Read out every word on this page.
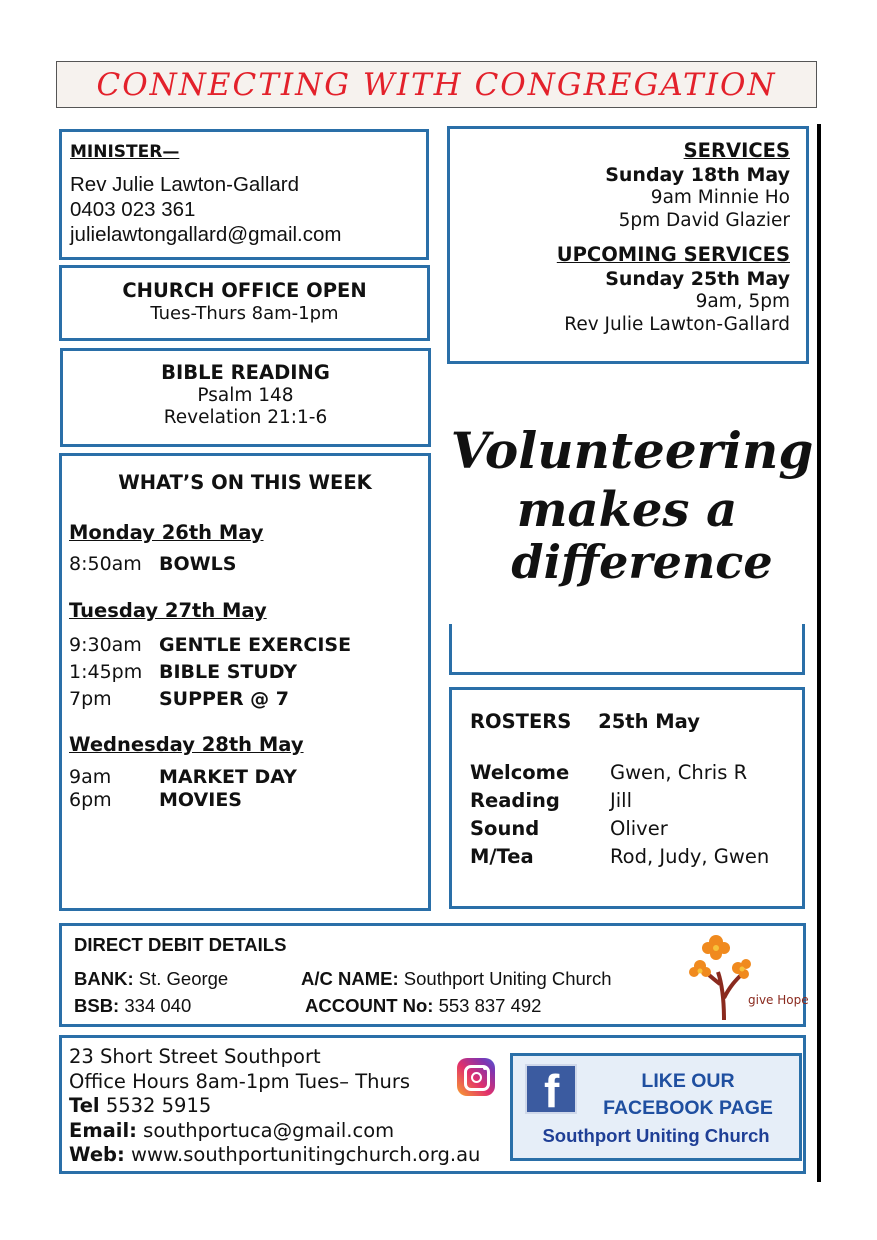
CONNECTING WITH CONGREGATION
MINISTER—
Rev Julie Lawton-Gallard
0403 023 361
julielawtongallard@gmail.com
CHURCH OFFICE OPEN
Tues-Thurs 8am-1pm
BIBLE READING
Psalm 148
Revelation 21:1-6
WHAT’S ON THIS WEEK
Monday 26th May
8:50am BOWLS
Tuesday 27th May
9:30am GENTLE EXERCISE
1:45pm BIBLE STUDY
7pm	SUPPER @ 7
Wednesday 28th May
9am	MARKET DAY
6pm	MOVIES
SERVICES
Sunday 18th May
9am Minnie Ho
5pm David Glazier
UPCOMING SERVICES
Sunday 25th May
9am, 5pm
Rev Julie Lawton-Gallard
Volunteering
makes a
difference
ROSTERS 25th May
Welcome	Gwen, Chris R
Reading	Jill
Sound	Oliver
M/Tea	Rod, Judy, Gwen
DIRECT DEBIT DETAILS
BANK: St. George	A/C NAME: Southport Uniting Church
BSB: 334 040	ACCOUNT No: 553 837 492	give Hope
23 Short Street Southport
Office Hours 8am-1pm Tues– Thurs
Tel 5532 5915
Email: southportuca@gmail.com
Web: www.southportunitingchurch.org.au
f	LIKE OUR
FACEBOOK PAGE
Southport Uniting Church
